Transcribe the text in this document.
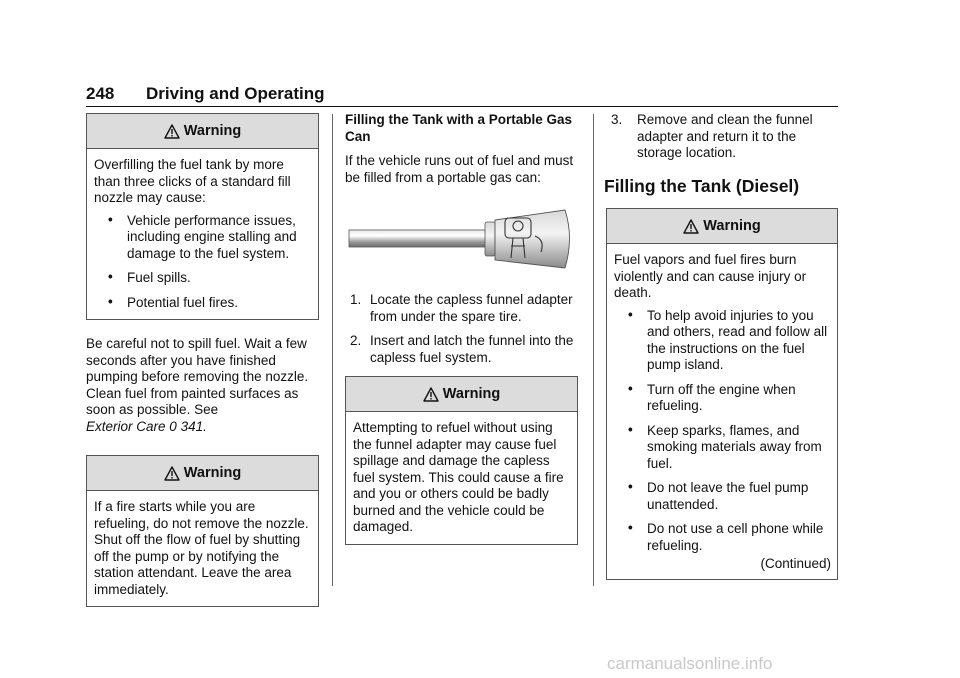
248 Driving and Operating
Warning

Overfilling the fuel tank by more than three clicks of a standard fill nozzle may cause:

• Vehicle performance issues, including engine stalling and damage to the fuel system.
• Fuel spills.
• Potential fuel fires.

Be careful not to spill fuel. Wait a few seconds after you have finished pumping before removing the nozzle. Clean fuel from painted surfaces as soon as possible. See
Exterior Care 0 341.

Warning

If a fire starts while you are refueling, do not remove the nozzle. Shut off the flow of fuel by shutting off the pump or by notifying the station attendant. Leave the area immediately.

Filling the Tank with a Portable Gas Can

If the vehicle runs out of fuel and must be filled from a portable gas can:

1. Locate the capless funnel adapter from under the spare tire.
2. Insert and latch the funnel into the capless fuel system.
Warning

Attempting to refuel without using the funnel adapter may cause fuel spillage and damage the capless fuel system. This could cause a fire and you or others could be badly burned and the vehicle could be damaged.

3. Remove and clean the funnel adapter and return it to the storage location.
Filling the Tank (Diesel)
Warning

Fuel vapors and fuel fires burn violently and can cause injury or death.

• To help avoid injuries to you and others, read and follow all the instructions on the fuel pump island.
• Turn off the engine when refueling.
• Keep sparks, flames, and smoking materials away from fuel.
• Do not leave the fuel pump unattended.
• Do not use a cell phone while refueling.
(Continued)
carmanualsonline.info
